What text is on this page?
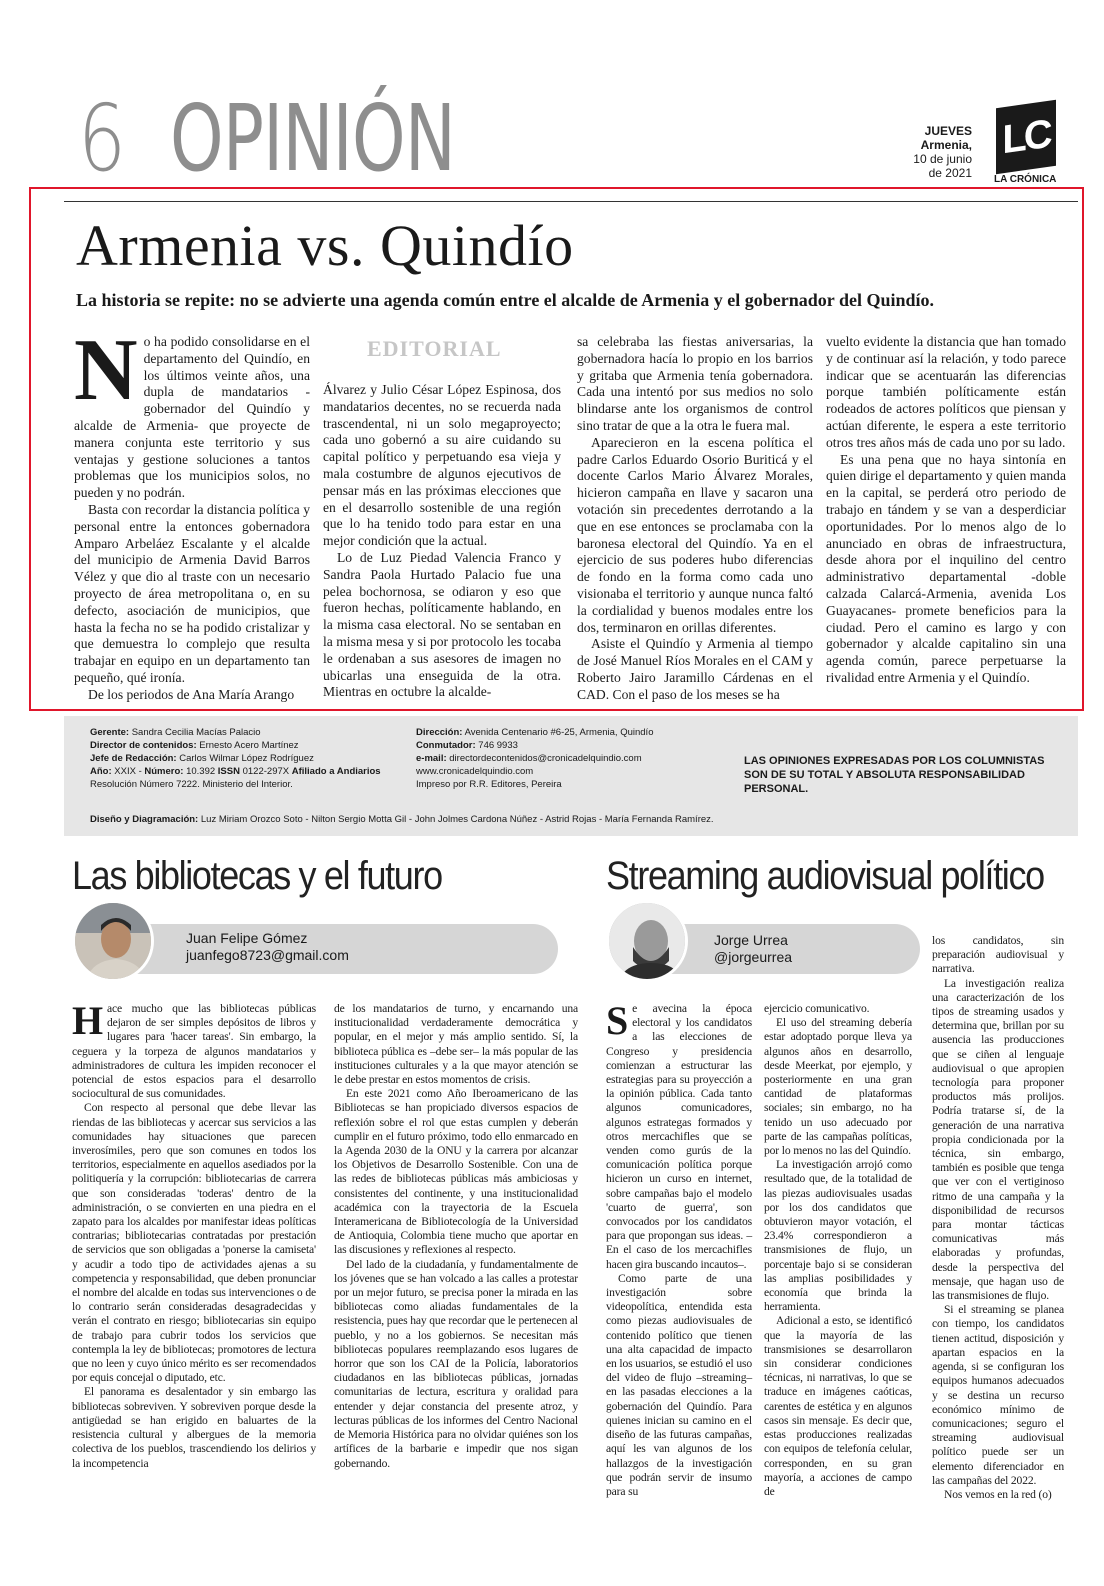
6 OPINIÓN	JUEVES
Armenia,
10 de junio
de 2021
LC
LA CRÓNICA
Armenia vs. Quindío
La historia se repite: no se advierte una agenda común entre el alcalde de Armenia y el gobernador del Quindío.
EDITORIAL

No ha podido consolidarse en el departamento del Quindío, en los últimos veinte años, una dupla de mandatarios -gobernador del Quindío y alcalde de Armenia- que proyecte de manera conjunta este territorio y sus ventajas y gestione soluciones a tantos problemas que los municipios solos, no pueden y no podrán.

Basta con recordar la distancia política y personal entre la entonces gobernadora Amparo Arbeláez Escalante y el alcalde del municipio de Armenia David Barros Vélez y que dio al traste con un necesario proyecto de área metropolitana o, en su defecto, asociación de municipios, que hasta la fecha no se ha podido cristalizar y que demuestra lo complejo que resulta trabajar en equipo en un departamento tan pequeño, qué ironía.

De los periodos de Ana María Arango

Álvarez y Julio César López Espinosa, dos mandatarios decentes, no se recuerda nada trascendental, ni un solo megaproyecto; cada uno gobernó a su aire cuidando su capital político y perpetuando esa vieja y mala costumbre de algunos ejecutivos de pensar más en las próximas elecciones que en el desarrollo sostenible de una región que lo ha tenido todo para estar en una mejor condición que la actual.

Lo de Luz Piedad Valencia Franco y Sandra Paola Hurtado Palacio fue una pelea bochornosa, se odiaron y eso que fueron hechas, políticamente hablando, en la misma casa electoral. No se sentaban en la misma mesa y si por protocolo les tocaba le ordenaban a sus asesores de imagen no ubicarlas una enseguida de la otra. Mientras en octubre la alcalde-

sa celebraba las fiestas aniversarias, la gobernadora hacía lo propio en los barrios y gritaba que Armenia tenía gobernadora. Cada una intentó por sus medios no solo blindarse ante los organismos de control sino tratar de que a la otra le fuera mal.

Aparecieron en la escena política el padre Carlos Eduardo Osorio Buriticá y el docente Carlos Mario Álvarez Morales, hicieron campaña en llave y sacaron una votación sin precedentes derrotando a la que en ese entonces se proclamaba con la baronesa electoral del Quindío. Ya en el ejercicio de sus poderes hubo diferencias de fondo en la forma como cada uno visionaba el territorio y aunque nunca faltó la cordialidad y buenos modales entre los dos, terminaron en orillas diferentes.

Asiste el Quindío y Armenia al tiempo de José Manuel Ríos Morales en el CAM y Roberto Jairo Jaramillo Cárdenas en el CAD. Con el paso de los meses se ha

vuelto evidente la distancia que han tomado y de continuar así la relación, y todo parece indicar que se acentuarán las diferencias porque también políticamente están rodeados de actores políticos que piensan y actúan diferente, le espera a este territorio otros tres años más de cada uno por su lado.

Es una pena que no haya sintonía en quien dirige el departamento y quien manda en la capital, se perderá otro periodo de trabajo en tándem y se van a desperdiciar oportunidades. Por lo menos algo de lo anunciado en obras de infraestructura, desde ahora por el inquilino del centro administrativo departamental -doble calzada Calarcá-Armenia, avenida Los Guayacanes- promete beneficios para la ciudad. Pero el camino es largo y con gobernador y alcalde capitalino sin una agenda común, parece perpetuarse la rivalidad entre Armenia y el Quindío.

Gerente: Sandra Cecilia Macías Palacio
Director de contenidos: Ernesto Acero Martínez
Jefe de Redacción: Carlos Wilmar López Rodríguez
Año: XXIX - Número: 10.392 ISSN 0122-297X Afiliado a Andiarios
Resolución Número 7222. Ministerio del Interior.
Dirección: Avenida Centenario #6-25, Armenia, Quindío
Conmutador: 746 9933
e-mail: directordecontenidos@cronicadelquindio.com
www.cronicadelquindio.com
Impreso por R.R. Editores, Pereira
LAS OPINIONES EXPRESADAS POR LOS COLUMNISTAS SON DE SU TOTAL Y ABSOLUTA RESPONSABILIDAD PERSONAL.
Diseño y Diagramación: Luz Miriam Orozco Soto - Nilton Sergio Motta Gil - John Jolmes Cardona Núñez - Astrid Rojas - María Fernanda Ramírez.
Las bibliotecas y el futuro
Juan Felipe Gómez
juanfego8723@gmail.com

Hace mucho que las bibliotecas públicas dejaron de ser simples depósitos de libros y lugares para 'hacer tareas'. Sin embargo, la ceguera y la torpeza de algunos mandatarios y administradores de cultura les impiden reconocer el potencial de estos espacios para el desarrollo sociocultural de sus comunidades.

Con respecto al personal que debe llevar las riendas de las bibliotecas y acercar sus servicios a las comunidades hay situaciones que parecen inverosímiles, pero que son comunes en todos los territorios, especialmente en aquellos asediados por la politiquería y la corrupción: bibliotecarias de carrera que son consideradas 'toderas' dentro de la administración, o se convierten en una piedra en el zapato para los alcaldes por manifestar ideas políticas contrarias; bibliotecarias contratadas por prestación de servicios que son obligadas a 'ponerse la camiseta' y acudir a todo tipo de actividades ajenas a su competencia y responsabilidad, que deben pronunciar el nombre del alcalde en todas sus intervenciones o de lo contrario serán consideradas desagradecidas y verán el contrato en riesgo; bibliotecarias sin equipo de trabajo para cubrir todos los servicios que contempla la ley de bibliotecas; promotores de lectura que no leen y cuyo único mérito es ser recomendados por equis concejal o diputado, etc.

El panorama es desalentador y sin embargo las bibliotecas sobreviven. Y sobreviven porque desde la antigüedad se han erigido en baluartes de la resistencia cultural y albergues de la memoria colectiva de los pueblos, trascendiendo los delirios y la incompetencia

de los mandatarios de turno, y encarnando una institucionalidad verdaderamente democrática y popular, en el mejor y más amplio sentido. Sí, la biblioteca pública es –debe ser– la más popular de las instituciones culturales y a la que mayor atención se le debe prestar en estos momentos de crisis.

En este 2021 como Año Iberoamericano de las Bibliotecas se han propiciado diversos espacios de reflexión sobre el rol que estas cumplen y deberán cumplir en el futuro próximo, todo ello enmarcado en la Agenda 2030 de la ONU y la carrera por alcanzar los Objetivos de Desarrollo Sostenible. Con una de las redes de bibliotecas públicas más ambiciosas y consistentes del continente, y una institucionalidad académica con la trayectoria de la Escuela Interamericana de Bibliotecología de la Universidad de Antioquia, Colombia tiene mucho que aportar en las discusiones y reflexiones al respecto.

Del lado de la ciudadanía, y fundamentalmente de los jóvenes que se han volcado a las calles a protestar por un mejor futuro, se precisa poner la mirada en las bibliotecas como aliadas fundamentales de la resistencia, pues hay que recordar que le pertenecen al pueblo, y no a los gobiernos. Se necesitan más bibliotecas populares reemplazando esos lugares de horror que son los CAI de la Policía, laboratorios ciudadanos en las bibliotecas públicas, jornadas comunitarias de lectura, escritura y oralidad para entender y dejar constancia del presente atroz, y lecturas públicas de los informes del Centro Nacional de Memoria Histórica para no olvidar quiénes son los artífices de la barbarie e impedir que nos sigan gobernando.

Streaming audiovisual político
Jorge Urrea
@jorgeurrea

Se avecina la época electoral y los candidatos a las elecciones de Congreso y presidencia comienzan a estructurar las estrategias para su proyección a la opinión pública. Cada tanto algunos comunicadores, algunos estrategas formados y otros mercachifles que se venden como gurús de la comunicación política porque hicieron un curso en internet, sobre campañas bajo el modelo 'cuarto de guerra', son convocados por los candidatos para que propongan sus ideas. –En el caso de los mercachifles hacen gira buscando incautos–.

Como parte de una investigación sobre videopolítica, entendida esta como piezas audiovisuales de contenido político que tienen una alta capacidad de impacto en los usuarios, se estudió el uso del video de flujo –streaming– en las pasadas elecciones a la gobernación del Quindío. Para quienes inician su camino en el diseño de las futuras campañas, aquí les van algunos de los hallazgos de la investigación que podrán servir de insumo para su

ejercicio comunicativo.

El uso del streaming debería estar adoptado porque lleva ya algunos años en desarrollo, desde Meerkat, por ejemplo, y posteriormente en una gran cantidad de plataformas sociales; sin embargo, no ha tenido un uso adecuado por parte de las campañas políticas, por lo menos no las del Quindío.

La investigación arrojó como resultado que, de la totalidad de las piezas audiovisuales usadas por los dos candidatos que obtuvieron mayor votación, el 23.4% correspondieron a transmisiones de flujo, un porcentaje bajo si se consideran las amplias posibilidades y economía que brinda la herramienta.

Adicional a esto, se identificó que la mayoría de las transmisiones se desarrollaron sin considerar condiciones técnicas, ni narrativas, lo que se traduce en imágenes caóticas, carentes de estética y en algunos casos sin mensaje. Es decir que, estas producciones realizadas con equipos de telefonía celular, corresponden, en su gran mayoría, a acciones de campo de

los candidatos, sin preparación audiovisual y narrativa.

La investigación realiza una caracterización de los tipos de streaming usados y determina que, brillan por su ausencia las producciones que se ciñen al lenguaje audiovisual o que apropien tecnología para proponer productos más prolijos. Podría tratarse sí, de la generación de una narrativa propia condicionada por la técnica, sin embargo, también es posible que tenga que ver con el vertiginoso ritmo de una campaña y la disponibilidad de recursos para montar tácticas comunicativas más elaboradas y profundas, desde la perspectiva del mensaje, que hagan uso de las transmisiones de flujo.

Si el streaming se planea con tiempo, los candidatos tienen actitud, disposición y apartan espacios en la agenda, si se configuran los equipos humanos adecuados y se destina un recurso económico mínimo de comunicaciones; seguro el streaming audiovisual político puede ser un elemento diferenciador en las campañas del 2022.

Nos vemos en la red (o)
